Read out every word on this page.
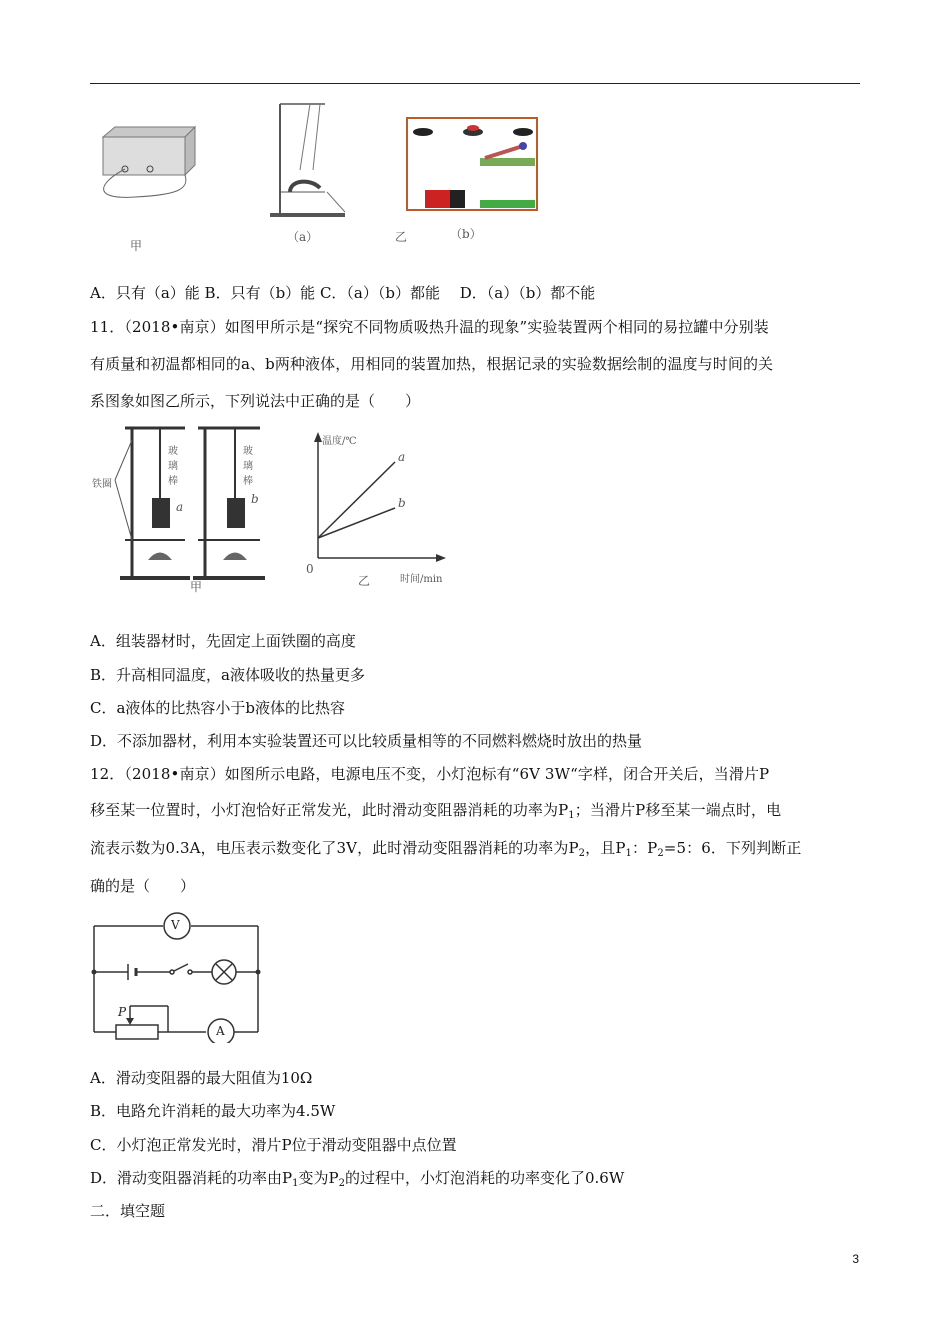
甲
（a）	乙	（b）
A．只有（a）能 B．只有（b）能 C．（a）（b）都能　 D．（a）（b）都不能
11．（2018•南京）如图甲所示是“探究不同物质吸热升温的现象”实验装置两个相同的易拉罐中分别装
有质量和初温都相同的a、b两种液体，用相同的装置加热，根据记录的实验数据绘制的温度与时间的关
系图象如图乙所示，下列说法中正确的是（　　）
铁圈
玻璃棒
玻璃棒
a
b
甲
温度/℃
时间/min
0
a
b
乙
A．组装器材时，先固定上面铁圈的高度
B．升高相同温度，a液体吸收的热量更多
C．a液体的比热容小于b液体的比热容
D．不添加器材，利用本实验装置还可以比较质量相等的不同燃料燃烧时放出的热量
12．（2018•南京）如图所示电路，电源电压不变，小灯泡标有“6V 3W“字样，闭合开关后，当滑片P
移至某一位置时，小灯泡恰好正常发光，此时滑动变阻器消耗的功率为$P_1$；当滑片P移至某一端点时，电
流表示数为0.3A，电压表示数变化了3V，此时滑动变阻器消耗的功率为$P_2$，且$P_1$：$P_2=5$：6．下列判断正
确的是（　　）
V
A
P
A．滑动变阻器的最大阻值为10Ω
B．电路允许消耗的最大功率为4.5W
C．小灯泡正常发光时，滑片P位于滑动变阻器中点位置
D．滑动变阻器消耗的功率由$P_1$变为$P_2$的过程中，小灯泡消耗的功率变化了0.6W
二．填空题
3
